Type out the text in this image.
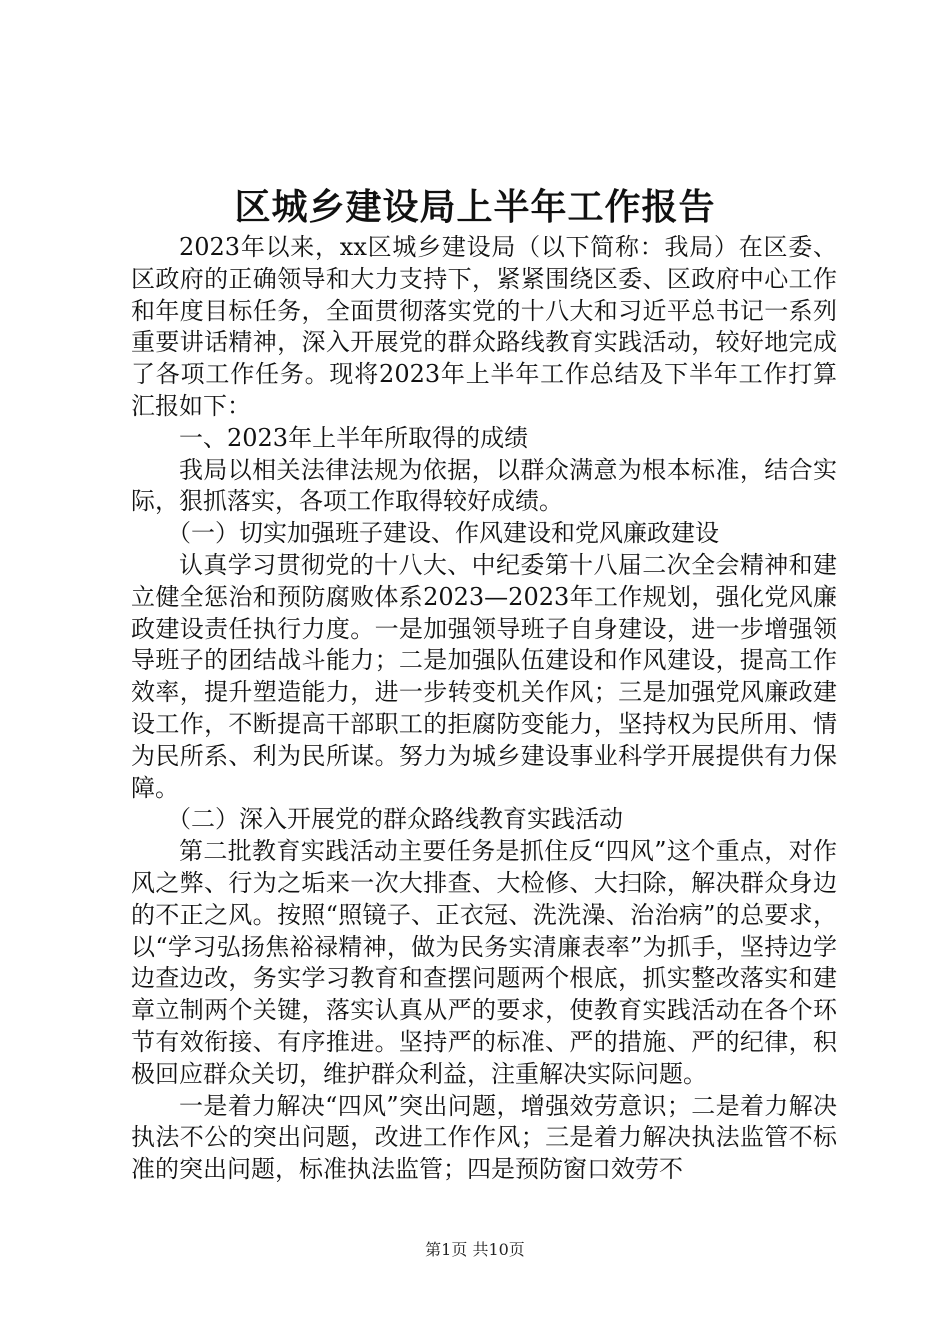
区城乡建设局上半年工作报告

2023年以来，xx区城乡建设局（以下简称：我局）在区委、区政府的正确领导和大力支持下，紧紧围绕区委、区政府中心工作和年度目标任务，全面贯彻落实党的十八大和习近平总书记一系列重要讲话精神，深入开展党的群众路线教育实践活动，较好地完成了各项工作任务。现将2023年上半年工作总结及下半年工作打算汇报如下：

一、2023年上半年所取得的成绩

我局以相关法律法规为依据，以群众满意为根本标准，结合实际，狠抓落实，各项工作取得较好成绩。

（一）切实加强班子建设、作风建设和党风廉政建设

认真学习贯彻党的十八大、中纪委第十八届二次全会精神和建立健全惩治和预防腐败体系2023—2023年工作规划，强化党风廉政建设责任执行力度。一是加强领导班子自身建设，进一步增强领导班子的团结战斗能力；二是加强队伍建设和作风建设，提高工作效率，提升塑造能力，进一步转变机关作风；三是加强党风廉政建设工作，不断提高干部职工的拒腐防变能力，坚持权为民所用、情为民所系、利为民所谋。努力为城乡建设事业科学开展提供有力保障。

（二）深入开展党的群众路线教育实践活动

第二批教育实践活动主要任务是抓住反“四风”这个重点，对作风之弊、行为之垢来一次大排查、大检修、大扫除，解决群众身边的不正之风。按照“照镜子、正衣冠、洗洗澡、治治病”的总要求，以“学习弘扬焦裕禄精神，做为民务实清廉表率”为抓手，坚持边学边查边改，务实学习教育和查摆问题两个根底，抓实整改落实和建章立制两个关键，落实认真从严的要求，使教育实践活动在各个环节有效衔接、有序推进。坚持严的标准、严的措施、严的纪律，积极回应群众关切，维护群众利益，注重解决实际问题。

一是着力解决“四风”突出问题，增强效劳意识；二是着力解决执法不公的突出问题，改进工作作风；三是着力解决执法监管不标准的突出问题，标准执法监管；四是预防窗口效劳不

第1页 共10页
